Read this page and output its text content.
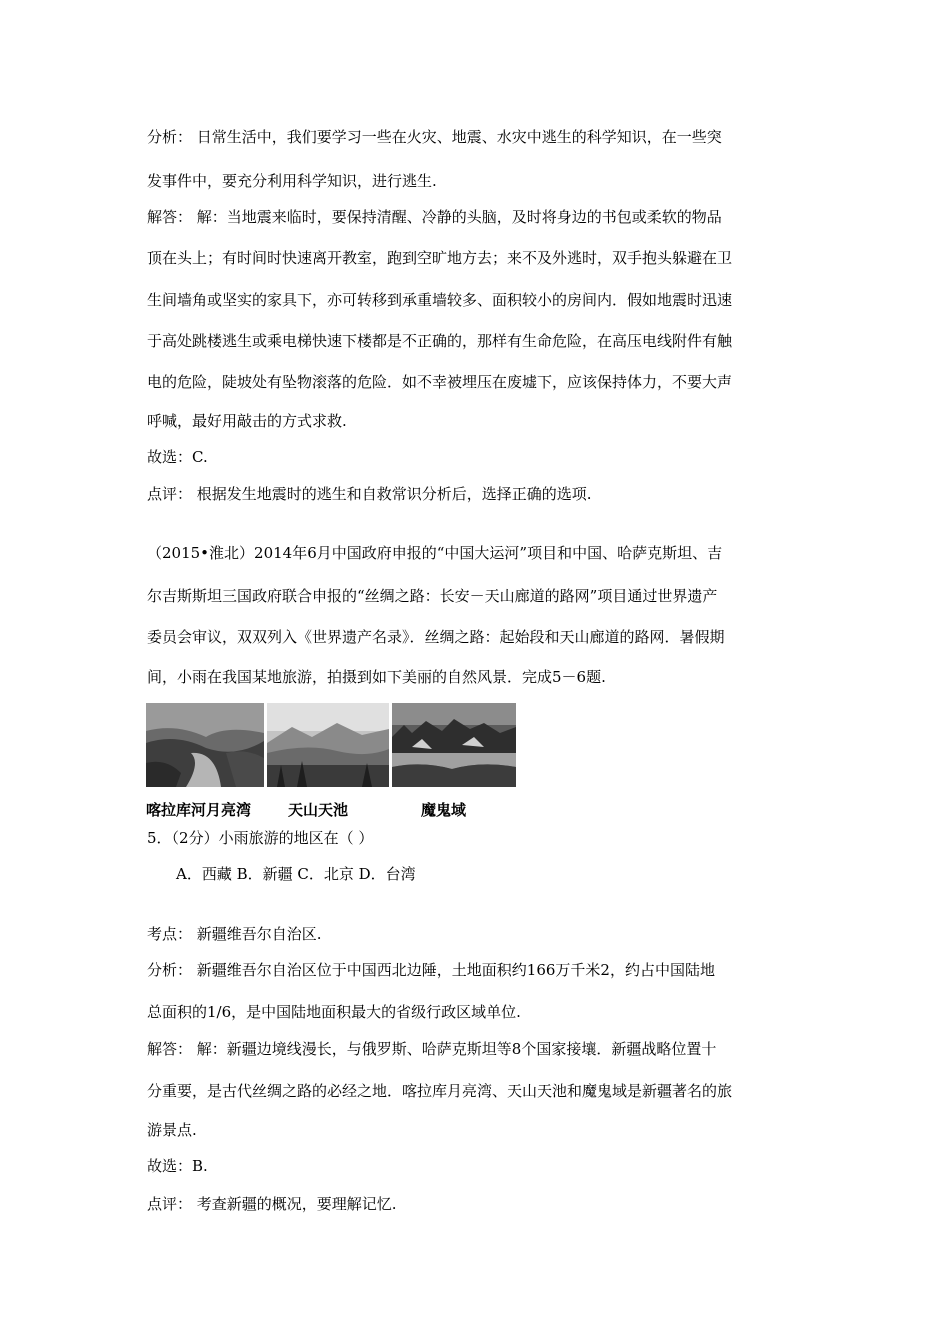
分析： 日常生活中，我们要学习一些在火灾、地震、水灾中逃生的科学知识，在一些突
发事件中，要充分利用科学知识，进行逃生.
解答： 解：当地震来临时，要保持清醒、冷静的头脑，及时将身边的书包或柔软的物品
顶在头上；有时间时快速离开教室，跑到空旷地方去；来不及外逃时，双手抱头躲避在卫
生间墙角或坚实的家具下，亦可转移到承重墙较多、面积较小的房间内．假如地震时迅速
于高处跳楼逃生或乘电梯快速下楼都是不正确的，那样有生命危险，在高压电线附件有触
电的危险，陡坡处有坠物滚落的危险．如不幸被埋压在废墟下，应该保持体力，不要大声
呼喊，最好用敲击的方式求救.
故选：C.
点评： 根据发生地震时的逃生和自救常识分析后，选择正确的选项.
（2015•淮北）2014年6月中国政府申报的“中国大运河”项目和中国、哈萨克斯坦、吉
尔吉斯斯坦三国政府联合申报的“丝绸之路：长安－天山廊道的路网”项目通过世界遗产
委员会审议，双双列入《世界遗产名录》．丝绸之路：起始段和天山廊道的路网．暑假期
间，小雨在我国某地旅游，拍摄到如下美丽的自然风景．完成5－6题.
喀拉库河月亮湾 天山天池	魔鬼域
5．（2分）小雨旅游的地区在（ ）
A．西藏 B．新疆 C．北京 D．台湾
考点： 新疆维吾尔自治区.
分析： 新疆维吾尔自治区位于中国西北边陲，土地面积约166万千米2，约占中国陆地
总面积的1/6，是中国陆地面积最大的省级行政区域单位.
解答： 解：新疆边境线漫长，与俄罗斯、哈萨克斯坦等8个国家接壤．新疆战略位置十
分重要，是古代丝绸之路的必经之地．喀拉库月亮湾、天山天池和魔鬼域是新疆著名的旅
游景点.
故选：B.
点评： 考查新疆的概况，要理解记忆.
